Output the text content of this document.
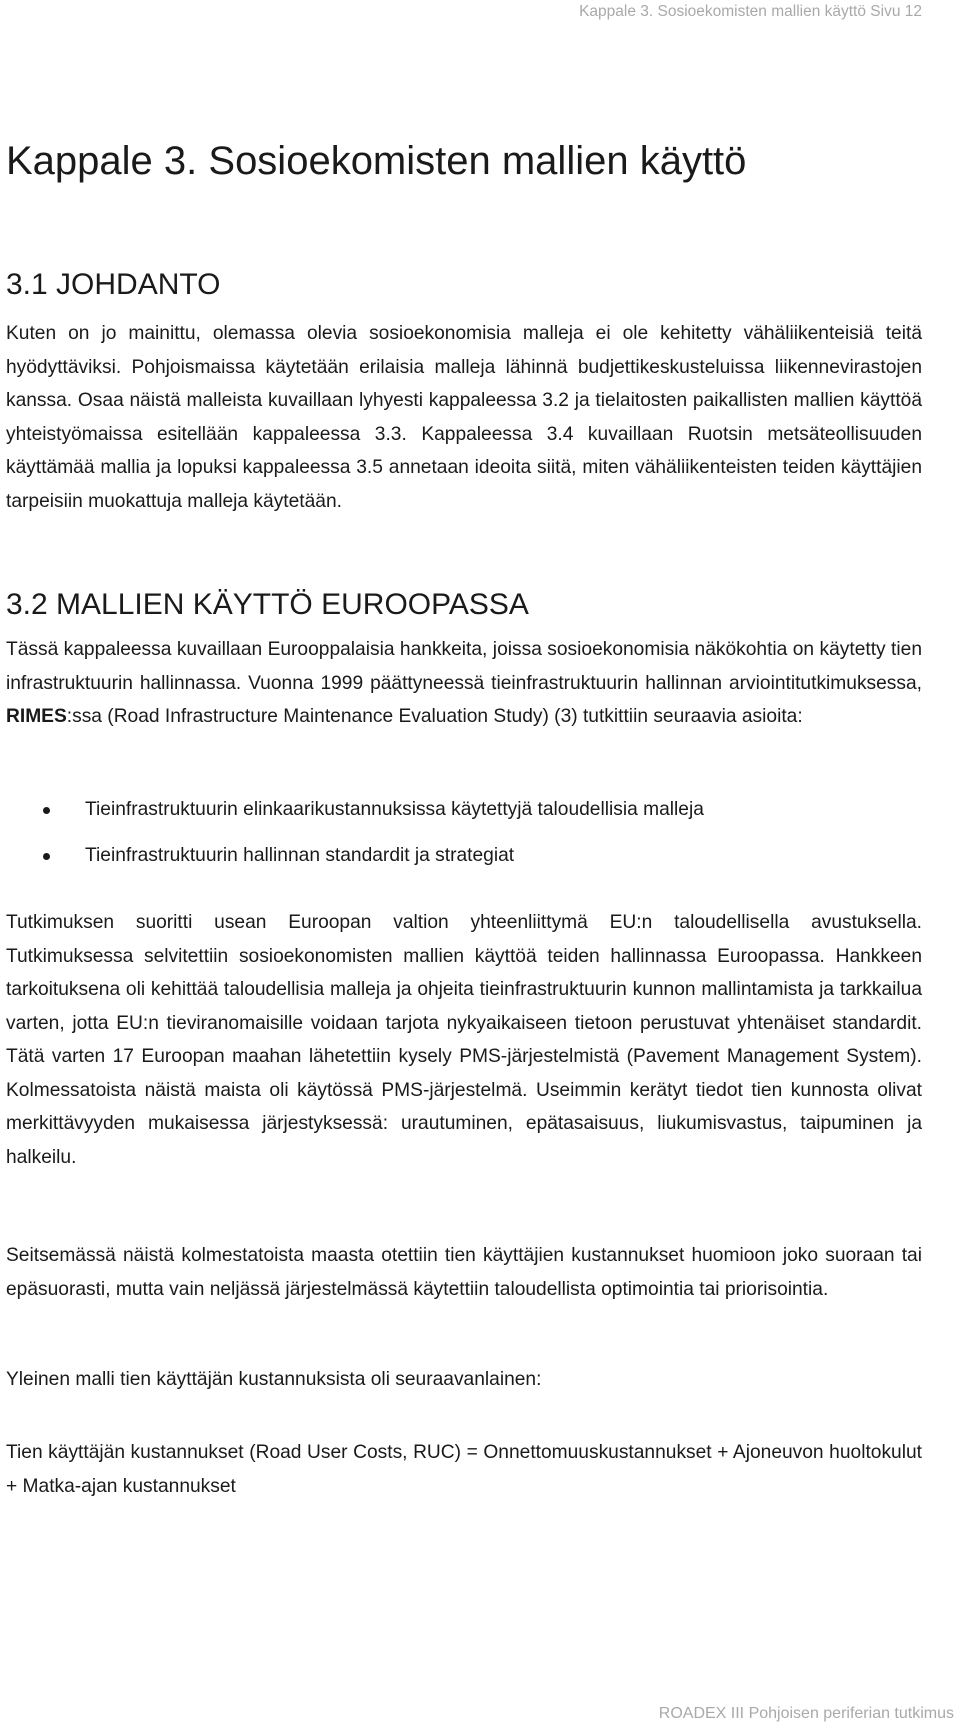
Kappale 3. Sosioekomisten mallien käyttö Sivu 12
Kappale 3. Sosioekomisten mallien käyttö
3.1 JOHDANTO

Kuten on jo mainittu, olemassa olevia sosioekonomisia malleja ei ole kehitetty vähäliikenteisiä teitä hyödyttäviksi. Pohjoismaissa käytetään erilaisia malleja lähinnä budjettikeskusteluissa liikennevirastojen kanssa. Osaa näistä malleista kuvaillaan lyhyesti kappaleessa 3.2 ja tielaitosten paikallisten mallien käyttöä yhteistyömaissa esitellään kappaleessa 3.3. Kappaleessa 3.4 kuvaillaan Ruotsin metsäteollisuuden käyttämää mallia ja lopuksi kappaleessa 3.5 annetaan ideoita siitä, miten vähäliikenteisten teiden käyttäjien tarpeisiin muokattuja malleja käytetään.

3.2 MALLIEN KÄYTTÖ EUROOPASSA

Tässä kappaleessa kuvaillaan Eurooppalaisia hankkeita, joissa sosioekonomisia näkökohtia on käytetty tien infrastruktuurin hallinnassa. Vuonna 1999 päättyneessä tieinfrastruktuurin hallinnan arviointitutkimuksessa, RIMES:ssa (Road Infrastructure Maintenance Evaluation Study) (3) tutkittiin seuraavia asioita:

Tieinfrastruktuurin elinkaarikustannuksissa käytettyjä taloudellisia malleja
Tieinfrastruktuurin hallinnan standardit ja strategiat

Tutkimuksen suoritti usean Euroopan valtion yhteenliittymä EU:n taloudellisella avustuksella. Tutkimuksessa selvitettiin sosioekonomisten mallien käyttöä teiden hallinnassa Euroopassa. Hankkeen tarkoituksena oli kehittää taloudellisia malleja ja ohjeita tieinfrastruktuurin kunnon mallintamista ja tarkkailua varten, jotta EU:n tieviranomaisille voidaan tarjota nykyaikaiseen tietoon perustuvat yhtenäiset standardit. Tätä varten 17 Euroopan maahan lähetettiin kysely PMS-järjestelmistä (Pavement Management System). Kolmessatoista näistä maista oli käytössä PMS-järjestelmä. Useimmin kerätyt tiedot tien kunnosta olivat merkittävyyden mukaisessa järjestyksessä: urautuminen, epätasaisuus, liukumisvastus, taipuminen ja halkeilu.

Seitsemässä näistä kolmestatoista maasta otettiin tien käyttäjien kustannukset huomioon joko suoraan tai epäsuorasti, mutta vain neljässä järjestelmässä käytettiin taloudellista optimointia tai priorisointia.

Yleinen malli tien käyttäjän kustannuksista oli seuraavanlainen:

Tien käyttäjän kustannukset (Road User Costs, RUC) = Onnettomuuskustannukset + Ajoneuvon huoltokulut + Matka-ajan kustannukset

ROADEX III Pohjoisen periferian tutkimus
